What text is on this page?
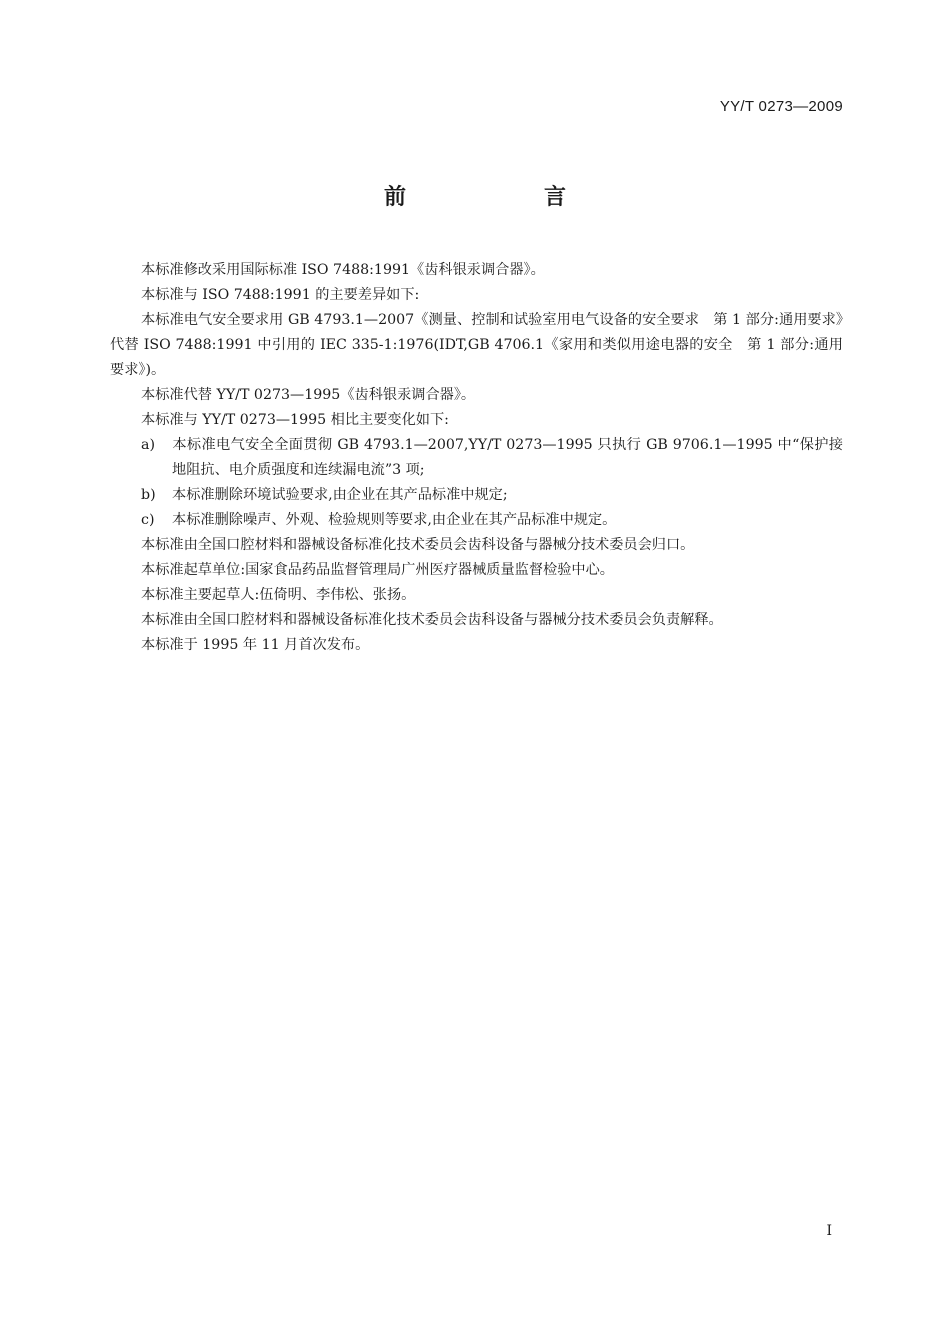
YY/T 0273—2009
前　言

本标准修改采用国际标准 ISO 7488:1991《齿科银汞调合器》。

本标准与 ISO 7488:1991 的主要差异如下:

本标准电气安全要求用 GB 4793.1—2007《测量、控制和试验室用电气设备的安全要求　第 1 部分:通用要求》代替 ISO 7488:1991 中引用的 IEC 335-1:1976(IDT,GB 4706.1《家用和类似用途电器的安全　第 1 部分:通用要求》)。

本标准代替 YY/T 0273—1995《齿科银汞调合器》。

本标准与 YY/T 0273—1995 相比主要变化如下:

a) 本标准电气安全全面贯彻 GB 4793.1—2007,YY/T 0273—1995 只执行 GB 9706.1—1995 中“保护接地阻抗、电介质强度和连续漏电流”3 项;

b) 本标准删除环境试验要求,由企业在其产品标准中规定;

c) 本标准删除噪声、外观、检验规则等要求,由企业在其产品标准中规定。

本标准由全国口腔材料和器械设备标准化技术委员会齿科设备与器械分技术委员会归口。

本标准起草单位:国家食品药品监督管理局广州医疗器械质量监督检验中心。

本标准主要起草人:伍倚明、李伟松、张扬。

本标准由全国口腔材料和器械设备标准化技术委员会齿科设备与器械分技术委员会负责解释。

本标准于 1995 年 11 月首次发布。

I
